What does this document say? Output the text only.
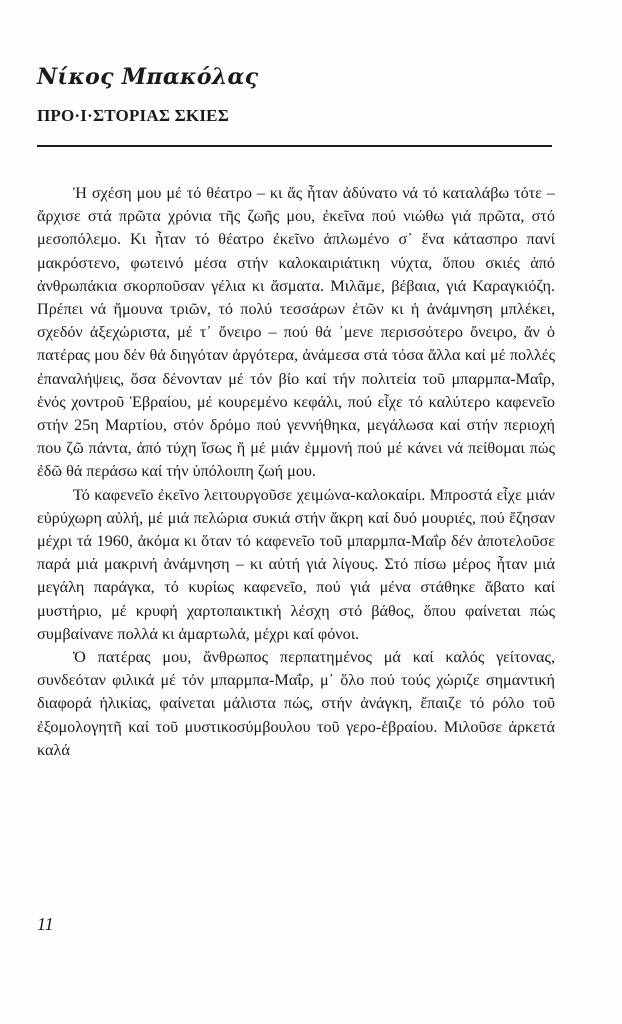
Νίκος Μπακόλας
ΠΡΟ·Ι·ΣΤΟΡΙΑΣ ΣΚΙΕΣ

Ἡ σχέση μου μέ τό θέατρο – κι ἄς ἦταν ἀδύνατο νά τό καταλάβω τότε – ἄρχισε στά πρῶτα χρόνια τῆς ζωῆς μου, ἐκεῖνα πού νιώθω γιά πρῶτα, στό μεσοπόλεμο. Κι ἦταν τό θέατρο ἐκεῖνο ἁπλωμένο σ᾽ ἕνα κάτασπρο πανί μακρόστενο, φωτεινό μέσα στήν καλοκαιριάτικη νύχτα, ὅπου σκιές ἀπό ἀνθρωπάκια σκορποῦσαν γέλια κι ἄσματα. Μιλᾶμε, βέβαια, γιά Καραγκιόζη. Πρέπει νά ἤμουνα τριῶν, τό πολύ τεσσάρων ἐτῶν κι ἡ ἀνάμνηση μπλέκει, σχεδόν ἀξεχώριστα, μέ τ᾽ ὄνειρο – πού θά ᾽μενε περισσότερο ὄνειρο, ἄν ὁ πατέρας μου δέν θά διηγόταν ἀργότερα, ἀνάμεσα στά τόσα ἄλλα καί μέ πολλές ἐπαναλήψεις, ὅσα δένονταν μέ τόν βίο καί τήν πολιτεία τοῦ μπαρμπα-Μαΐρ, ἑνός χοντροῦ Ἑβραίου, μέ κουρεμένο κεφάλι, πού εἶχε τό καλύτερο καφενεῖο στήν 25η Μαρτίου, στόν δρόμο πού γεννήθηκα, μεγάλωσα καί στήν περιοχή που ζῶ πάντα, ἀπό τύχη ἴσως ἤ μέ μιάν ἐμμονή πού μέ κάνει νά πείθομαι πώς ἐδῶ θά περάσω καί τήν ὑπόλοιπη ζωή μου.

Τό καφενεῖο ἐκεῖνο λειτουργοῦσε χειμώνα-καλοκαίρι. Μπροστά εἶχε μιάν εὐρύχωρη αὐλή, μέ μιά πελώρια συκιά στήν ἄκρη καί δυό μουριές, πού ἔζησαν μέχρι τά 1960, ἀκόμα κι ὅταν τό καφενεῖο τοῦ μπαρμπα-Μαΐρ δέν ἀποτελοῦσε παρά μιά μακρινή ἀνάμνηση – κι αὐτή γιά λίγους. Στό πίσω μέρος ἦταν μιά μεγάλη παράγκα, τό κυρίως καφενεῖο, πού γιά μένα στάθηκε ἄβατο καί μυστήριο, μέ κρυφή χαρτοπαικτική λέσχη στό βάθος, ὅπου φαίνεται πώς συμβαίνανε πολλά κι ἁμαρτωλά, μέχρι καί φόνοι.

Ὁ πατέρας μου, ἄνθρωπος περπατημένος μά καί καλός γείτονας, συνδεόταν φιλικά μέ τόν μπαρμπα-Μαΐρ, μ᾽ ὅλο πού τούς χώριζε σημαντική διαφορά ἡλικίας, φαίνεται μάλιστα πώς, στήν ἀνάγκη, ἔπαιζε τό ρόλο τοῦ ἐξομολογητῆ καί τοῦ μυστικοσύμβουλου τοῦ γερο-ἑβραίου. Μιλοῦσε ἀρκετά καλά

11
